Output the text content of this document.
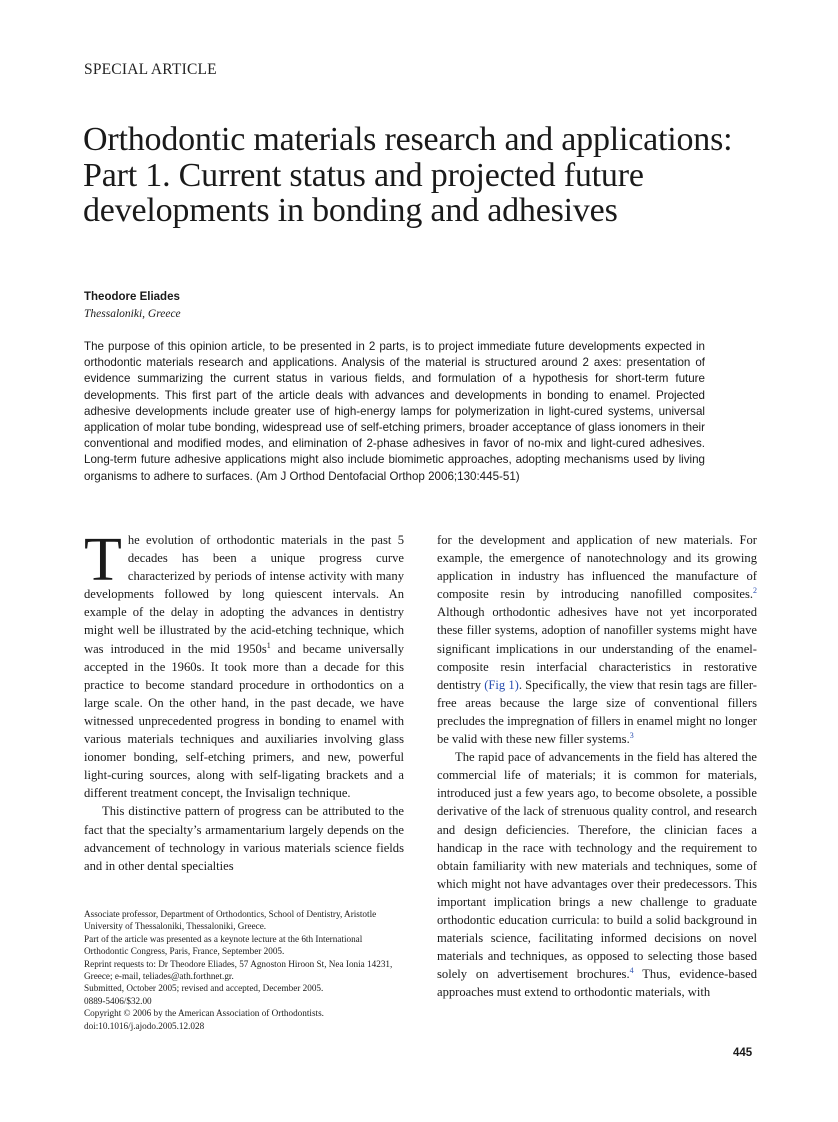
SPECIAL ARTICLE
Orthodontic materials research and applications: Part 1. Current status and projected future developments in bonding and adhesives
Theodore Eliades
Thessaloniki, Greece
The purpose of this opinion article, to be presented in 2 parts, is to project immediate future developments expected in orthodontic materials research and applications. Analysis of the material is structured around 2 axes: presentation of evidence summarizing the current status in various fields, and formulation of a hypothesis for short-term future developments. This first part of the article deals with advances and developments in bonding to enamel. Projected adhesive developments include greater use of high-energy lamps for polymerization in light-cured systems, universal application of molar tube bonding, widespread use of self-etching primers, broader acceptance of glass ionomers in their conventional and modified modes, and elimination of 2-phase adhesives in favor of no-mix and light-cured adhesives. Long-term future adhesive applications might also include biomimetic approaches, adopting mechanisms used by living organisms to adhere to surfaces. (Am J Orthod Dentofacial Orthop 2006;130:445-51)

The evolution of orthodontic materials in the past 5 decades has been a unique progress curve characterized by periods of intense activity with many developments followed by long quiescent intervals. An example of the delay in adopting the advances in dentistry might well be illustrated by the acid-etching technique, which was introduced in the mid $1950s^1$ and became universally accepted in the 1960s. It took more than a decade for this practice to become standard procedure in orthodontics on a large scale. On the other hand, in the past decade, we have witnessed unprecedented progress in bonding to enamel with various materials techniques and auxiliaries involving glass ionomer bonding, self-etching primers, and new, powerful light-curing sources, along with self-ligating brackets and a different treatment concept, the Invisalign technique.

This distinctive pattern of progress can be attributed to the fact that the specialty’s armamentarium largely depends on the advancement of technology in various materials science fields and in other dental specialties

Associate professor, Department of Orthodontics, School of Dentistry, Aristotle University of Thessaloniki, Thessaloniki, Greece.
Part of the article was presented as a keynote lecture at the 6th International Orthodontic Congress, Paris, France, September 2005.
Reprint requests to: Dr Theodore Eliades, 57 Agnoston Hiroon St, Nea Ionia 14231, Greece; e-mail, teliades@ath.forthnet.gr.
Submitted, October 2005; revised and accepted, December 2005.
0889-5406/$32.00
Copyright © 2006 by the American Association of Orthodontists.
doi:10.1016/j.ajodo.2005.12.028

for the development and application of new materials. For example, the emergence of nanotechnology and its growing application in industry has influenced the manufacture of composite resin by introducing nanofilled composites.$^2$ Although orthodontic adhesives have not yet incorporated these filler systems, adoption of nanofiller systems might have significant implications in our understanding of the enamel-composite resin interfacial characteristics in restorative dentistry (Fig 1). Specifically, the view that resin tags are filler-free areas because the large size of conventional fillers precludes the impregnation of fillers in enamel might no longer be valid with these new filler systems.$^3$

The rapid pace of advancements in the field has altered the commercial life of materials; it is common for materials, introduced just a few years ago, to become obsolete, a possible derivative of the lack of strenuous quality control, and research and design deficiencies. Therefore, the clinician faces a handicap in the race with technology and the requirement to obtain familiarity with new materials and techniques, some of which might not have advantages over their predecessors. This important implication brings a new challenge to graduate orthodontic education curricula: to build a solid background in materials science, facilitating informed decisions on novel materials and techniques, as opposed to selecting those based solely on advertisement brochures.$^4$ Thus, evidence-based approaches must extend to orthodontic materials, with

445
